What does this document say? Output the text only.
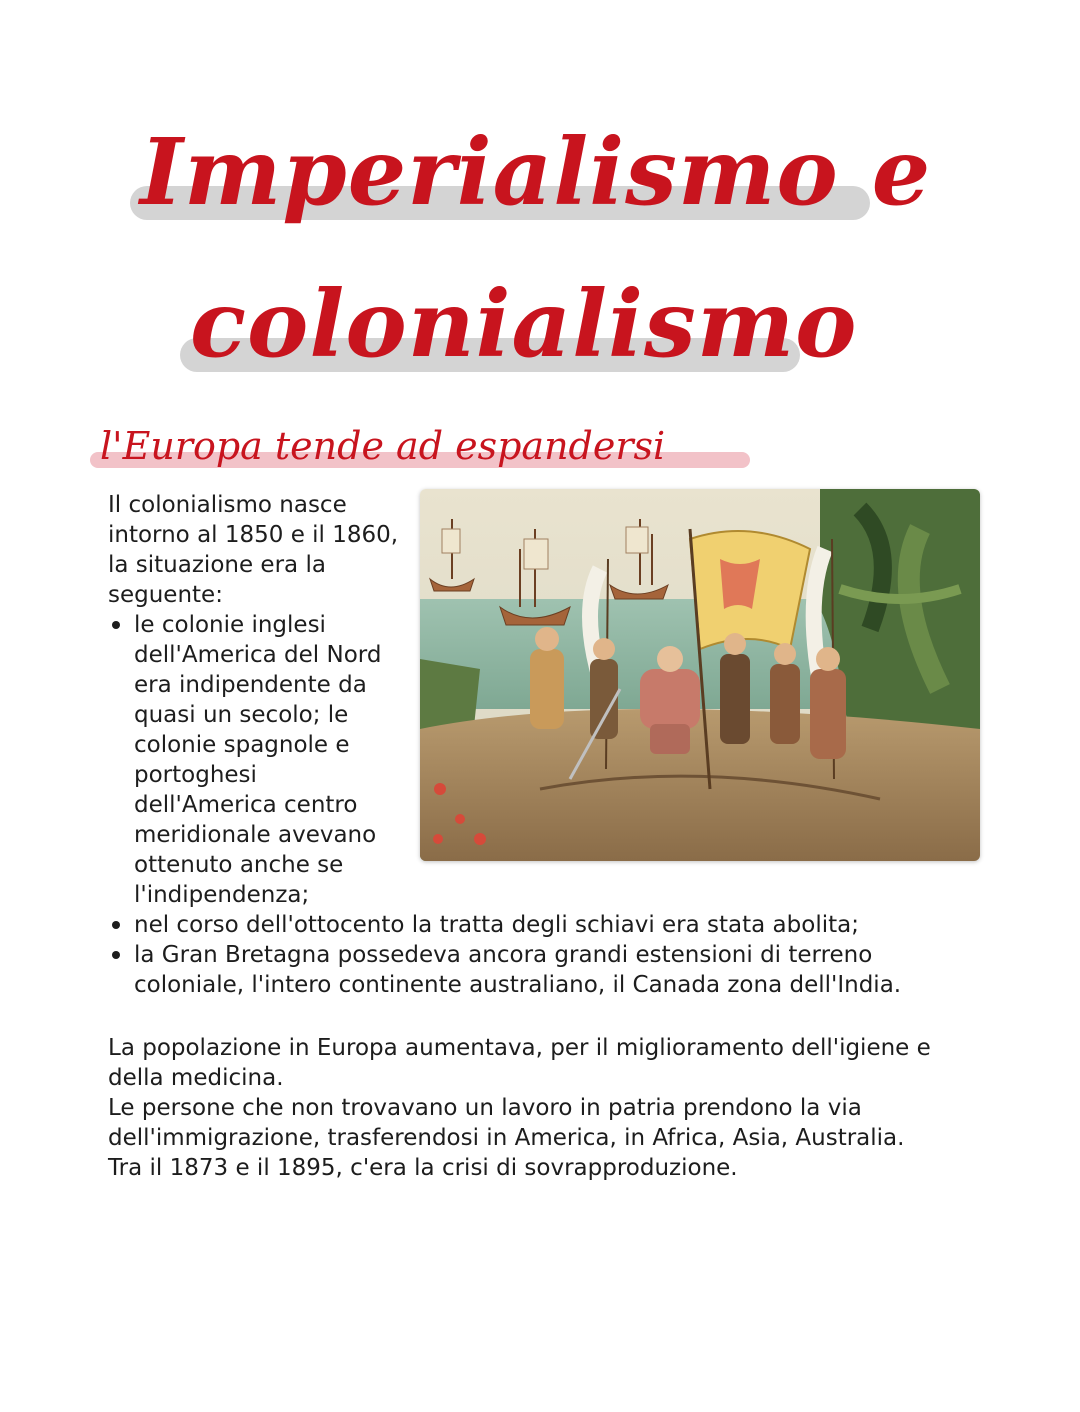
Imperialismo e
colonialismo
l'Europa tende ad espandersi
Il colonialismo nasce intorno al 1850 e il 1860, la situazione era la seguente:
le colonie inglesi dell'America del Nord era indipendente da quasi un secolo; le colonie spagnole e portoghesi dell'America centro meridionale avevano ottenuto anche se l'indipendenza;
nel corso dell'ottocento la tratta degli schiavi era stata abolita;
la Gran Bretagna possedeva ancora grandi estensioni di terreno coloniale, l'intero continente australiano, il Canada zona dell'India.

La popolazione in Europa aumentava, per il miglioramento dell'igiene e della medicina.

Le persone che non trovavano un lavoro in patria prendono la via dell'immigrazione, trasferendosi in America, in Africa, Asia, Australia.

Tra il 1873 e il 1895, c'era la crisi di sovrapproduzione.
